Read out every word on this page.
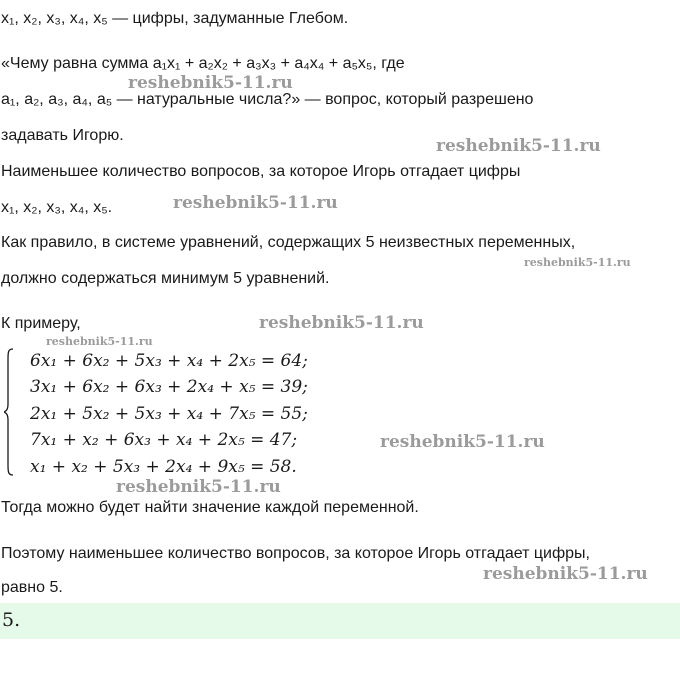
x₁, x₂, x₃, x₄, x₅ — цифры, задуманные Глебом.
«Чему равна сумма a₁x₁ + a₂x₂ + a₃x₃ + a₄x₄ + a₅x₅, где
a₁, a₂, a₃, a₄, a₅ — натуральные числа?» — вопрос, который разрешено
задавать Игорю.
Наименьшее количество вопросов, за которое Игорь отгадает цифры
x₁, x₂, x₃, x₄, x₅.
Как правило, в системе уравнений, содержащих 5 неизвестных переменных,
должно содержаться минимум 5 уравнений.
К примеру,
6x₁ + 6x₂ + 5x₃ + x₄ + 2x₅ = 64;
3x₁ + 6x₂ + 6x₃ + 2x₄ + x₅ = 39;
2x₁ + 5x₂ + 5x₃ + x₄ + 7x₅ = 55;
7x₁ + x₂ + 6x₃ + x₄ + 2x₅ = 47;
x₁ + x₂ + 5x₃ + 2x₄ + 9x₅ = 58.
Тогда можно будет найти значение каждой переменной.
Поэтому наименьшее количество вопросов, за которое Игорь отгадает цифры,
равно 5.
5.
reshebnik5-11.ru
reshebnik5-11.ru
reshebnik5-11.ru
reshebnik5-11.ru
reshebnik5-11.ru
reshebnik5-11.ru
reshebnik5-11.ru
reshebnik5-11.ru
reshebnik5-11.ru
